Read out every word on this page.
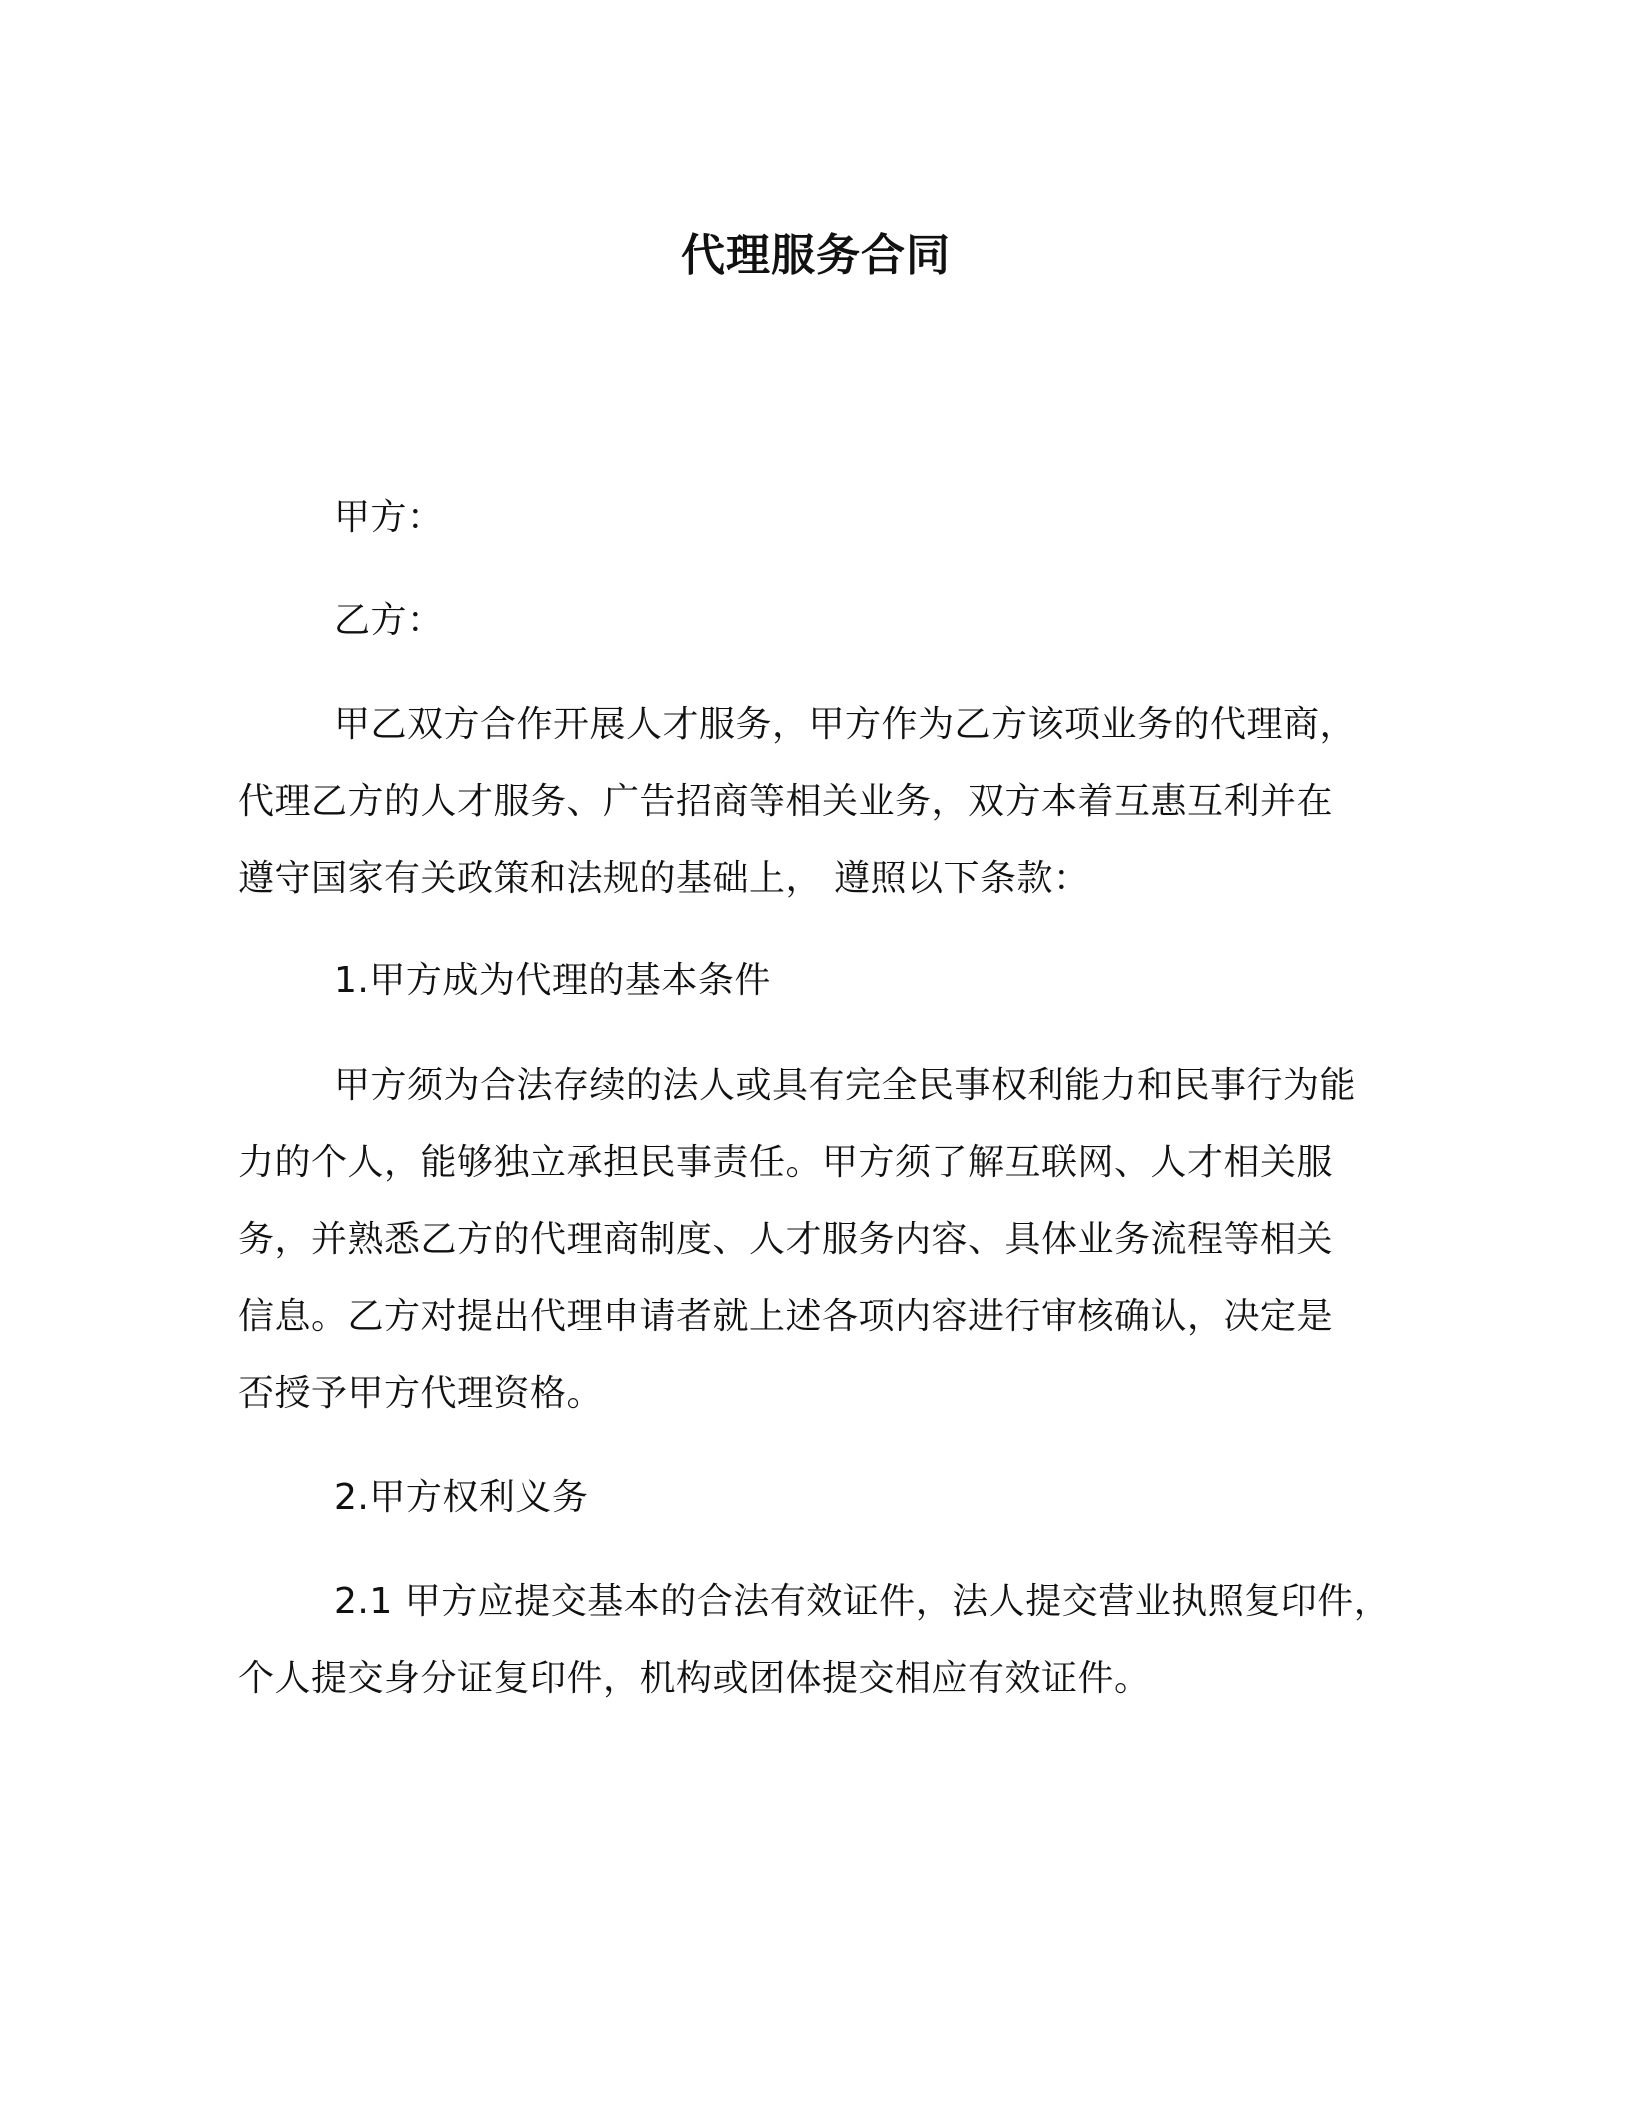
代理服务合同
甲方：
乙方：
甲乙双方合作开展人才服务，甲方作为乙方该项业务的代理商，
代理乙方的人才服务、广告招商等相关业务，双方本着互惠互利并在
遵守国家有关政策和法规的基础上， 遵照以下条款：
1.甲方成为代理的基本条件
甲方须为合法存续的法人或具有完全民事权利能力和民事行为能
力的个人，能够独立承担民事责任。甲方须了解互联网、人才相关服
务，并熟悉乙方的代理商制度、人才服务内容、具体业务流程等相关
信息。乙方对提出代理申请者就上述各项内容进行审核确认，决定是
否授予甲方代理资格。
2.甲方权利义务
2.1 甲方应提交基本的合法有效证件，法人提交营业执照复印件，
个人提交身分证复印件，机构或团体提交相应有效证件。
